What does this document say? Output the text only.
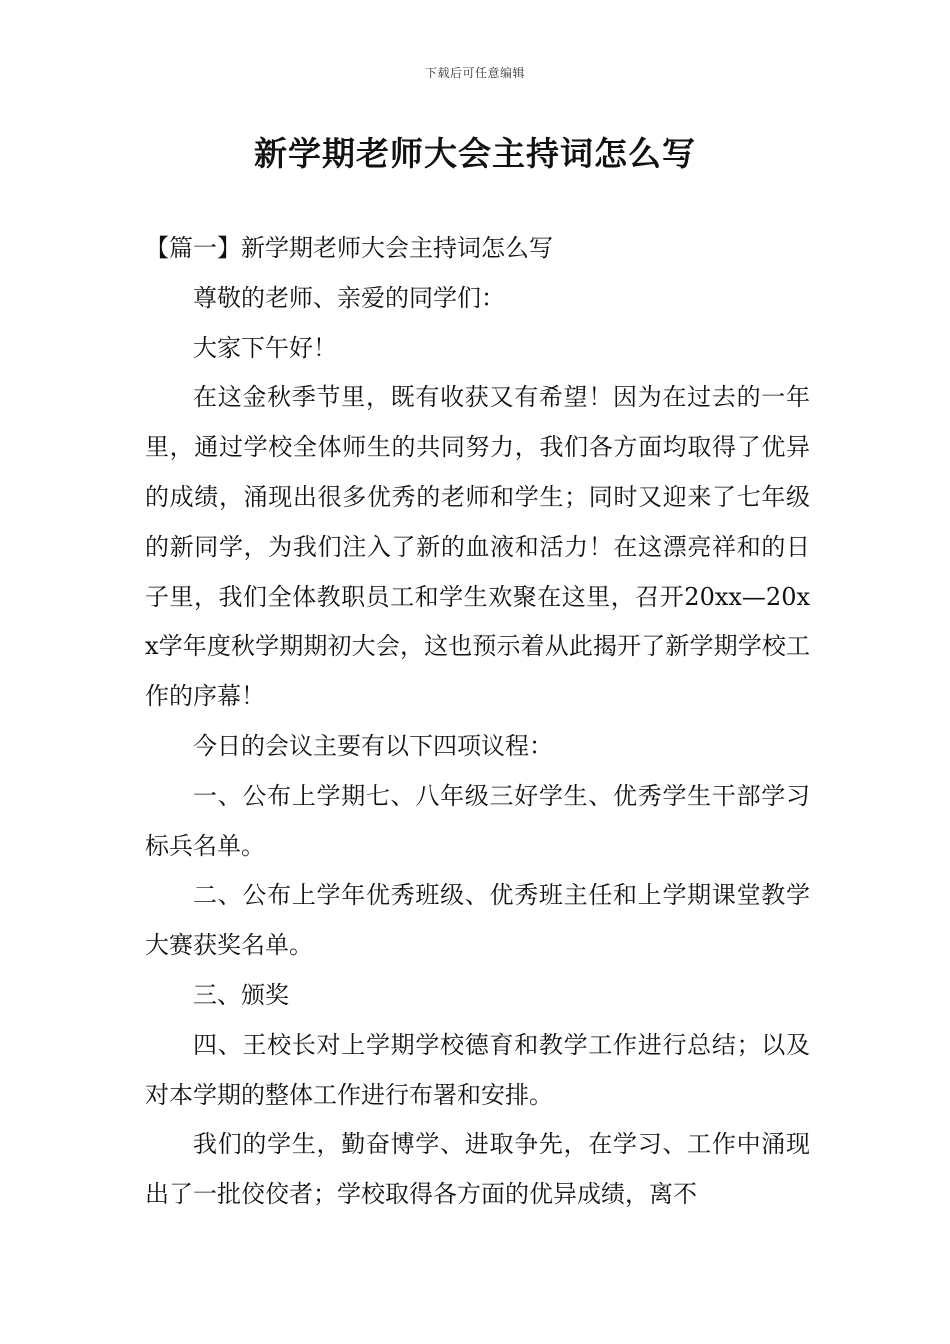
下载后可任意编辑
新学期老师大会主持词怎么写

【篇一】新学期老师大会主持词怎么写

尊敬的老师、亲爱的同学们：

大家下午好！

在这金秋季节里，既有收获又有希望！因为在过去的一年里，通过学校全体师生的共同努力，我们各方面均取得了优异的成绩，涌现出很多优秀的老师和学生；同时又迎来了七年级的新同学，为我们注入了新的血液和活力！在这漂亮祥和的日子里，我们全体教职员工和学生欢聚在这里，召开20xx—20xx学年度秋学期期初大会，这也预示着从此揭开了新学期学校工作的序幕！

今日的会议主要有以下四项议程：

一、公布上学期七、八年级三好学生、优秀学生干部学习标兵名单。

二、公布上学年优秀班级、优秀班主任和上学期课堂教学大赛获奖名单。

三、颁奖

四、王校长对上学期学校德育和教学工作进行总结；以及对本学期的整体工作进行布署和安排。

我们的学生，勤奋博学、进取争先，在学习、工作中涌现出了一批佼佼者；学校取得各方面的优异成绩，离不
